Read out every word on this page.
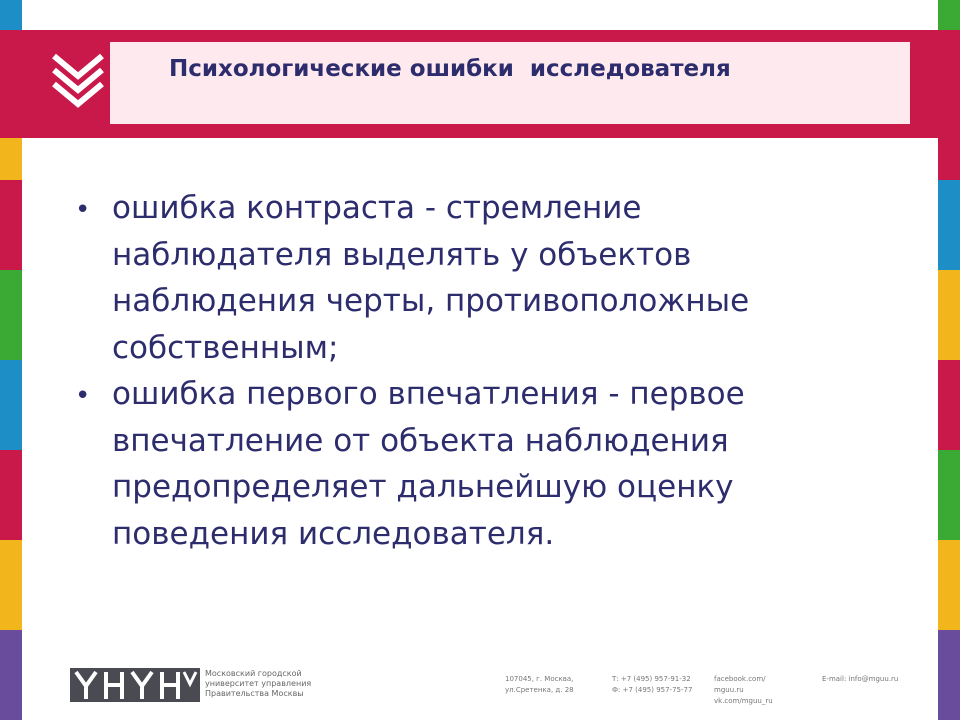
Психологические ошибки  исследователя
• ошибка контраста - стремление наблюдателя выделять у объектов наблюдения черты, противоположные собственным;
• ошибка первого впечатления - первое впечатление от объекта наблюдения предопределяет дальнейшую оценку поведения исследователя.
Московский городской
университет управления
Правительства Москвы
107045, г. Москва,
ул.Сретенка, д. 28
Т: +7 (495) 957-91-32
Ф: +7 (495) 957-75-77
facebook.com/
mguu.ru
vk.com/mguu_ru
E-mail: info@mguu.ru
